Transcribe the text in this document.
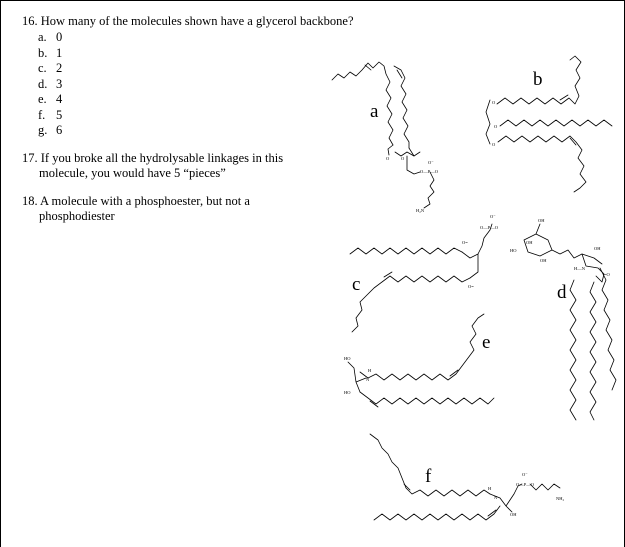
16. How many of the molecules shown have a glycerol backbone?
a. 0
b. 1
c. 2
d. 3
e. 4
f. 5
g. 6
17. If you broke all the hydrolysable linkages in this
molecule, you would have 5 “pieces”
18. A molecule with a phosphoester, but not a
phosphodiester
a
O	O
O—P—O
O⁻
H₂N
b
O
O
O
c
O=
O=
O—P—O
O⁻
d
OH
OH
HO
OH
OH
H—N
=O
e
HO
HO
H
N
f
H
N
OH
O—P—O
O⁻
NH₂
